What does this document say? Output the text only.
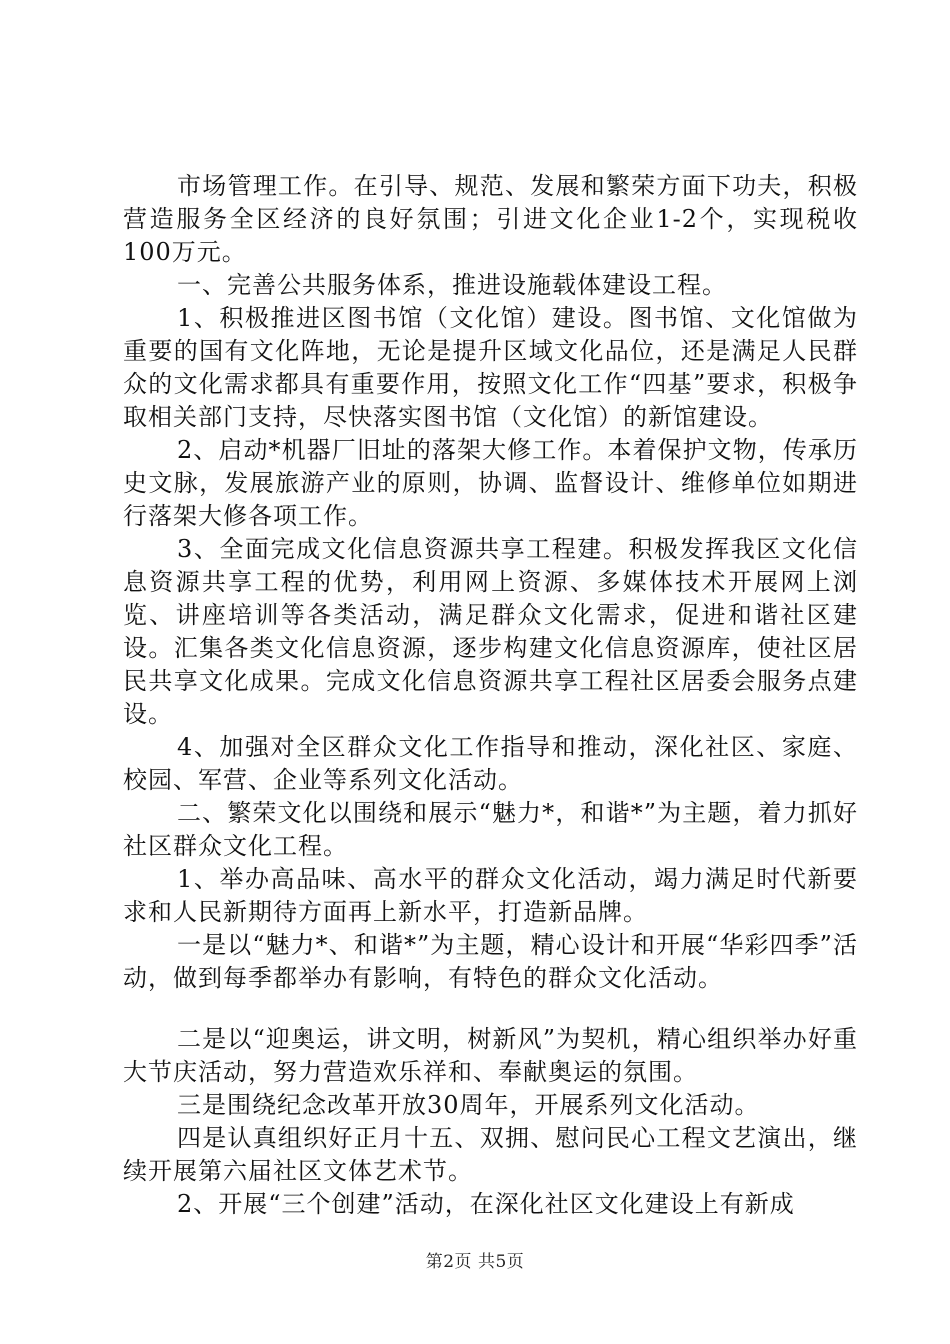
市场管理工作。在引导、规范、发展和繁荣方面下功夫，积极营造服务全区经济的良好氛围；引进文化企业1-2个，实现税收100万元。

一、完善公共服务体系，推进设施载体建设工程。

1、积极推进区图书馆（文化馆）建设。图书馆、文化馆做为重要的国有文化阵地，无论是提升区域文化品位，还是满足人民群众的文化需求都具有重要作用，按照文化工作“四基”要求，积极争取相关部门支持，尽快落实图书馆（文化馆）的新馆建设。

2、启动*机器厂旧址的落架大修工作。本着保护文物，传承历史文脉，发展旅游产业的原则，协调、监督设计、维修单位如期进行落架大修各项工作。

3、全面完成文化信息资源共享工程建。积极发挥我区文化信息资源共享工程的优势，利用网上资源、多媒体技术开展网上浏览、讲座培训等各类活动，满足群众文化需求，促进和谐社区建设。汇集各类文化信息资源，逐步构建文化信息资源库，使社区居民共享文化成果。完成文化信息资源共享工程社区居委会服务点建设。

4、加强对全区群众文化工作指导和推动，深化社区、家庭、校园、军营、企业等系列文化活动。

二、繁荣文化以围绕和展示“魅力*，和谐*”为主题，着力抓好社区群众文化工程。

1、举办高品味、高水平的群众文化活动，竭力满足时代新要求和人民新期待方面再上新水平，打造新品牌。

一是以“魅力*、和谐*”为主题，精心设计和开展“华彩四季”活动，做到每季都举办有影响，有特色的群众文化活动。

二是以“迎奥运，讲文明，树新风”为契机，精心组织举办好重大节庆活动，努力营造欢乐祥和、奉献奥运的氛围。

三是围绕纪念改革开放30周年，开展系列文化活动。

四是认真组织好正月十五、双拥、慰问民心工程文艺演出，继续开展第六届社区文体艺术节。

2、开展“三个创建”活动，在深化社区文化建设上有新成

第2页 共5页
